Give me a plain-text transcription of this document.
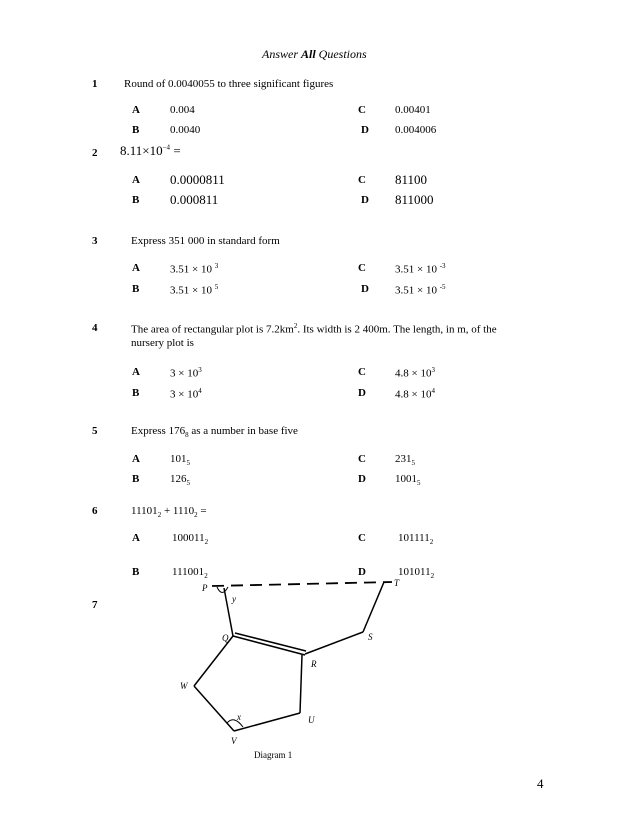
Answer All Questions
1 Round of 0.0040055 to three significant figures
A	0.004	C	0.00401
B	0.0040	D 0.004006
2 $8.11\times 10^{-4}$ =
A 0.0000811	C 81100
B 0.000811	D 811000
3	Express 351 000 in standard form
A	3.51 × 10 $^3$	C	3.51 × 10 $^{-3}$
B	3.51 × 10 $^5$	D 3.51 × 10 $^{-5}$
4	The area of rectangular plot is $7.2km^2$. Its width is 2 400m. The length, in m, of the
nursery plot is
A	$3 \times 10^3$	C	$4.8 \times 10^3$
B	$3 \times 10^4$	D	$4.8 \times 10^4$
5	Express $176_8$ as a number in base five
A	$101_5$	C	$231_5$
B	$126_5$	D	$1001_5$
6	$11101_2 + 1110_2$ =
A	$100011_2$	C	$101111_2$
B	$111001_2$	D	$101011_2$
7
P
y
T
Q	S
R
W
x	U
V
Diagram 1
4
